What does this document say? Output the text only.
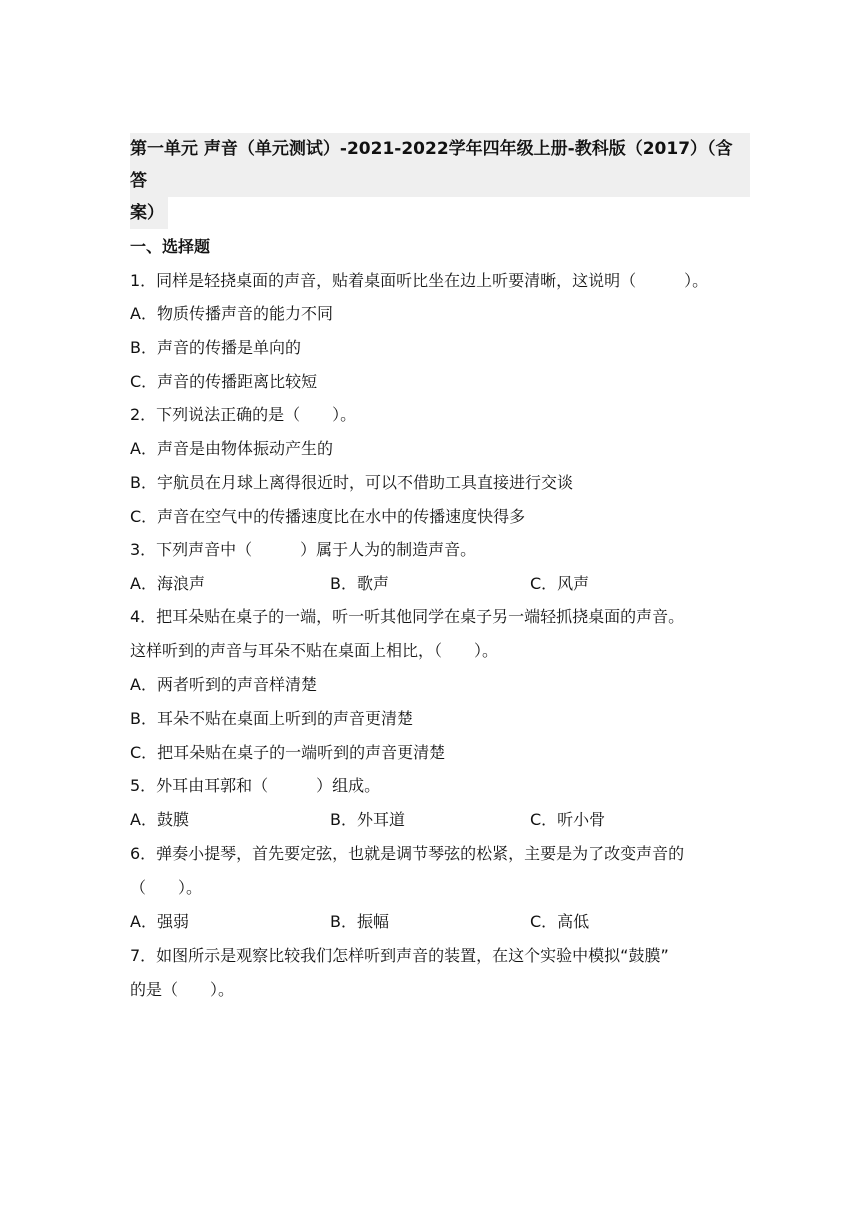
第一单元 声音（单元测试）-2021-2022学年四年级上册-教科版（2017）（含答
案）
一、选择题
1．同样是轻挠桌面的声音，贴着桌面听比坐在边上听要清晰，这说明（　　　）。
A．物质传播声音的能力不同
B．声音的传播是单向的
C．声音的传播距离比较短
2．下列说法正确的是（　　）。
A．声音是由物体振动产生的
B．宇航员在月球上离得很近时，可以不借助工具直接进行交谈
C．声音在空气中的传播速度比在水中的传播速度快得多
3．下列声音中（　　　）属于人为的制造声音。
A．海浪声	B．歌声	C．风声
4．把耳朵贴在桌子的一端，听一听其他同学在桌子另一端轻抓挠桌面的声音。
这样听到的声音与耳朵不贴在桌面上相比，（　　）。
A．两者听到的声音样清楚
B．耳朵不贴在桌面上听到的声音更清楚
C．把耳朵贴在桌子的一端听到的声音更清楚
5．外耳由耳郭和（　　　）组成。
A．鼓膜	B．外耳道	C．听小骨
6．弹奏小提琴，首先要定弦，也就是调节琴弦的松紧，主要是为了改变声音的
（　　）。
A．强弱	B．振幅	C．高低
7．如图所示是观察比较我们怎样听到声音的装置，在这个实验中模拟“鼓膜”
的是（　　）。
